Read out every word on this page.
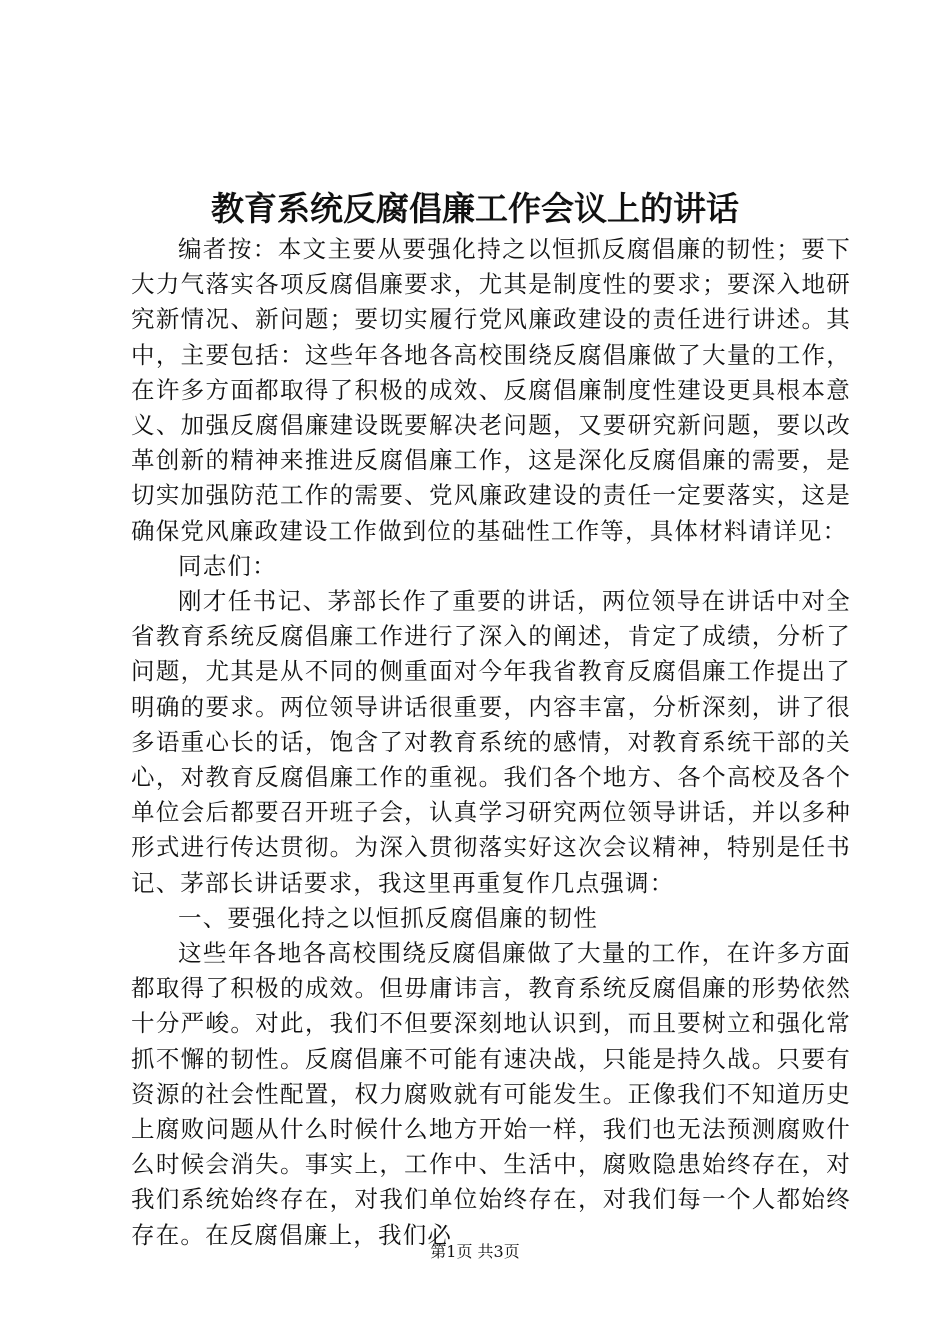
教育系统反腐倡廉工作会议上的讲话

编者按：本文主要从要强化持之以恒抓反腐倡廉的韧性；要下大力气落实各项反腐倡廉要求，尤其是制度性的要求；要深入地研究新情况、新问题；要切实履行党风廉政建设的责任进行讲述。其中，主要包括：这些年各地各高校围绕反腐倡廉做了大量的工作，在许多方面都取得了积极的成效、反腐倡廉制度性建设更具根本意义、加强反腐倡廉建设既要解决老问题，又要研究新问题，要以改革创新的精神来推进反腐倡廉工作，这是深化反腐倡廉的需要，是切实加强防范工作的需要、党风廉政建设的责任一定要落实，这是确保党风廉政建设工作做到位的基础性工作等，具体材料请详见：

同志们：

刚才任书记、茅部长作了重要的讲话，两位领导在讲话中对全省教育系统反腐倡廉工作进行了深入的阐述，肯定了成绩，分析了问题，尤其是从不同的侧重面对今年我省教育反腐倡廉工作提出了明确的要求。两位领导讲话很重要，内容丰富，分析深刻，讲了很多语重心长的话，饱含了对教育系统的感情，对教育系统干部的关心，对教育反腐倡廉工作的重视。我们各个地方、各个高校及各个单位会后都要召开班子会，认真学习研究两位领导讲话，并以多种形式进行传达贯彻。为深入贯彻落实好这次会议精神，特别是任书记、茅部长讲话要求，我这里再重复作几点强调：

一、要强化持之以恒抓反腐倡廉的韧性

这些年各地各高校围绕反腐倡廉做了大量的工作，在许多方面都取得了积极的成效。但毋庸讳言，教育系统反腐倡廉的形势依然十分严峻。对此，我们不但要深刻地认识到，而且要树立和强化常抓不懈的韧性。反腐倡廉不可能有速决战，只能是持久战。只要有资源的社会性配置，权力腐败就有可能发生。正像我们不知道历史上腐败问题从什么时候什么地方开始一样，我们也无法预测腐败什么时候会消失。事实上，工作中、生活中，腐败隐患始终存在，对我们系统始终存在，对我们单位始终存在，对我们每一个人都始终存在。在反腐倡廉上，我们必

第1页 共3页
